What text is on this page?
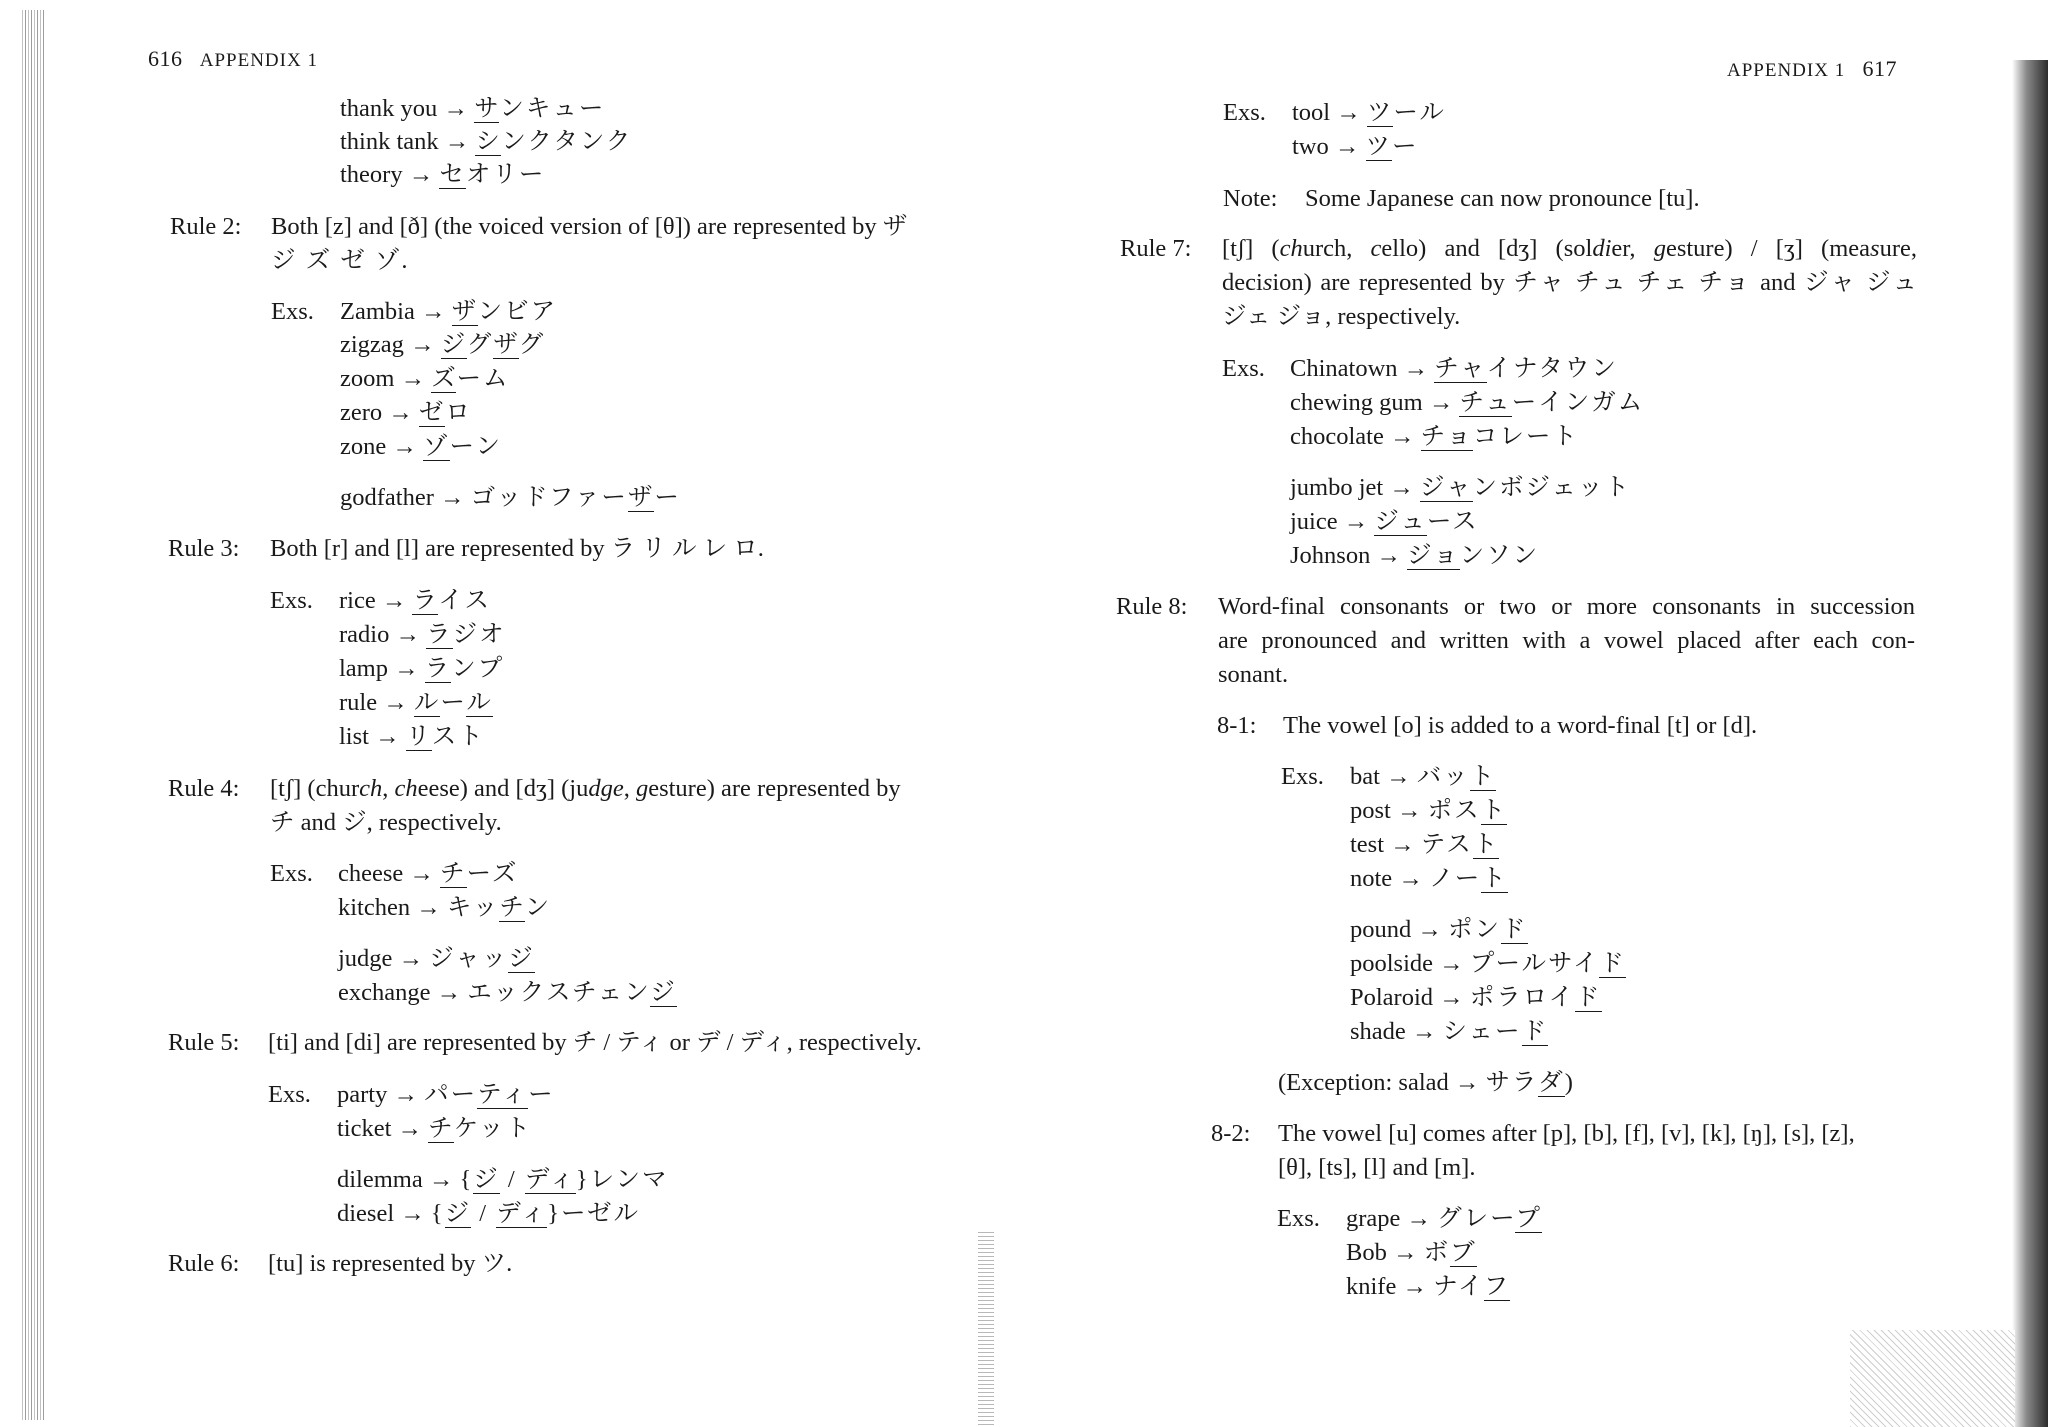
616 APPENDIX 1
thank you → サンキュー
think tank → シンクタンク
theory → セオリー
Rule 2: Both [z] and [ð] (the voiced version of [θ]) are represented by ザ
ジ ズ ゼ ゾ.
Exs. Zambia → ザンビア
zigzag → ジグザグ
zoom → ズーム
zero → ゼロ
zone → ゾーン
godfather → ゴッドファーザー
Rule 3: Both [r] and [l] are represented by ラ リ ル レ ロ.
Exs. rice → ライス
radio → ラジオ
lamp → ランプ
rule → ルール
list → リスト
Rule 4: [tʃ] (church, cheese) and [dʒ] (judge, gesture) are represented by
チ and ジ, respectively.
Exs. cheese → チーズ
kitchen → キッチン
judge → ジャッジ
exchange → エックスチェンジ
Rule 5: [ti] and [di] are represented by チ / ティ or デ / ディ, respectively.
Exs. party → パーティー
ticket → チケット
dilemma → {ジ / ディ}レンマ
diesel → {ジ / ディ}ーゼル
Rule 6: [tu] is represented by ツ.
APPENDIX 1 617
Exs. tool → ツール
two → ツー
Note: Some Japanese can now pronounce [tu].
Rule 7: [tʃ] (church, cello) and [dʒ] (soldier, gesture) / [ʒ] (measure,
decision) are represented by チャ チュ チェ チョ and ジャ ジュ
ジェ ジョ, respectively.
Exs. Chinatown → チャイナタウン
chewing gum → チューインガム
chocolate → チョコレート
jumbo jet → ジャンボジェット
juice → ジュース
Johnson → ジョンソン
Rule 8: Word-final consonants or two or more consonants in succession
are pronounced and written with a vowel placed after each con-
sonant.
8-1: The vowel [o] is added to a word-final [t] or [d].
Exs. bat → バット
post → ポスト
test → テスト
note → ノート
pound → ポンド
poolside → プールサイド
Polaroid → ポラロイド
shade → シェード
(Exception: salad → サラダ)
8-2: The vowel [u] comes after [p], [b], [f], [v], [k], [ŋ], [s], [z],
[θ], [ts], [l] and [m].
Exs. grape → グレープ
Bob → ボブ
knife → ナイフ
